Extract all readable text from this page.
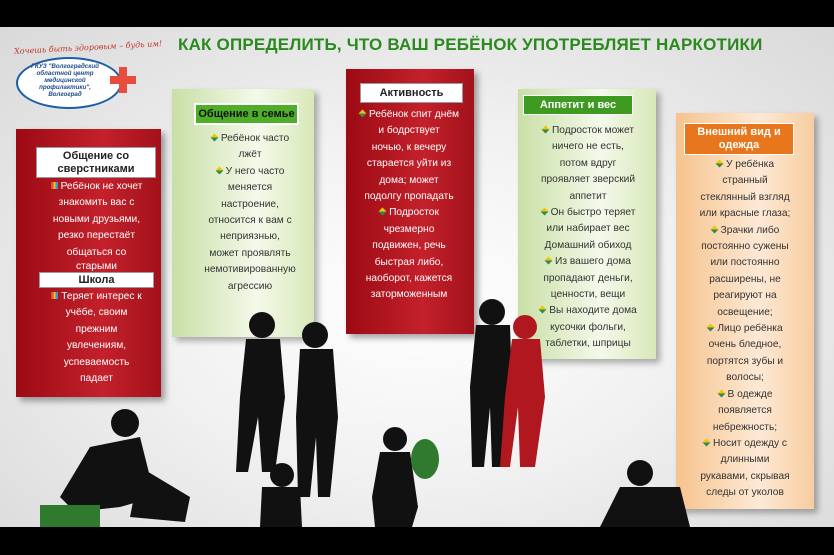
Хочешь быть здоровым – будь им!
ГКУЗ "Волгоградский областной центр медицинской профилактики", Волгоград
КАК ОПРЕДЕЛИТЬ, ЧТО ВАШ РЕБЁНОК УПОТРЕБЛЯЕТ НАРКОТИКИ
Общение со сверстниками
Ребёнок не хочет
знакомить вас с
новыми друзьями,
резко перестаёт
общаться со
старыми
Школа
Теряет интерес к
учёбе, своим
прежним
увлечениям,
успеваемость
падает
Общение в семье
Ребёнок часто
лжёт
У него часто
меняется
настроение,
относится к вам с
неприязнью,
может проявлять
немотивированную
агрессию
Активность
Ребёнок спит днём
и бодрствует
ночью, к вечеру
старается уйти из
дома; может
подолгу пропадать
Подросток
чрезмерно
подвижен, речь
быстрая либо,
наоборот, кажется
заторможенным
Аппетит и вес
Подросток может
ничего не есть,
потом вдруг
проявляет зверский
аппетит
Он быстро теряет
или набирает вес
Домашний обиход
Из вашего дома
пропадают деньги,
ценности, вещи
Вы находите дома
кусочки фольги,
таблетки, шприцы
Внешний вид и одежда
У ребёнка
странный
стеклянный взгляд
или красные глаза;
Зрачки либо
постоянно сужены
или постоянно
расширены, не
реагируют на
освещение;
Лицо ребёнка
очень бледное,
портятся зубы и
волосы;
В одежде
появляется
небрежность;
Носит одежду с
длинными
рукавами, скрывая
следы от уколов
